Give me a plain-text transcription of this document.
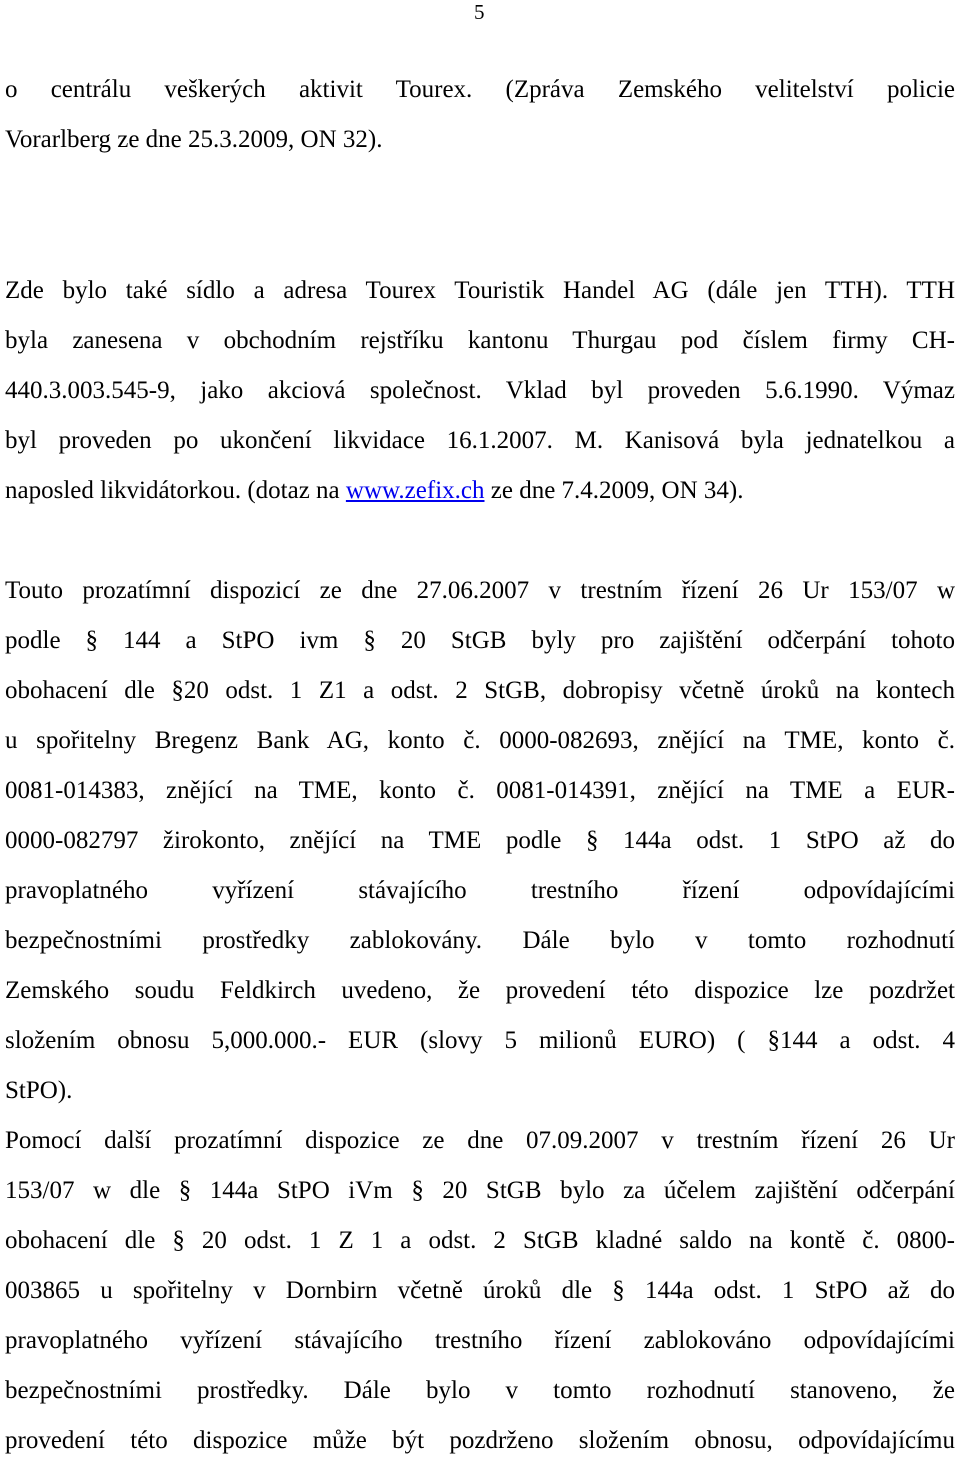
5

o centrálu veškerých aktivit Tourex. (Zpráva Zemského velitelství policie

Vorarlberg ze dne 25.3.2009, ON 32).

Zde bylo také sídlo a adresa Tourex Touristik Handel AG (dále jen TTH). TTH

byla zanesena v obchodním rejstříku kantonu Thurgau pod číslem firmy CH-

440.3.003.545-9, jako akciová společnost. Vklad byl proveden 5.6.1990. Výmaz

byl proveden po ukončení likvidace 16.1.2007. M. Kanisová byla jednatelkou a

naposled likvidátorkou. (dotaz na www.zefix.ch ze dne 7.4.2009, ON 34).

Touto prozatímní dispozicí ze dne 27.06.2007 v trestním řízení 26 Ur 153/07 w

podle § 144 a StPO ivm § 20 StGB byly pro zajištění odčerpání tohoto

obohacení dle §20 odst. 1 Z1 a odst. 2 StGB, dobropisy včetně úroků na kontech

u spořitelny Bregenz Bank AG, konto č. 0000-082693, znějící na TME, konto č.

0081-014383, znějící na TME, konto č. 0081-014391, znějící na TME a EUR-

0000-082797 žirokonto, znějící na TME podle § 144a odst. 1 StPO až do

pravoplatného vyřízení stávajícího trestního řízení odpovídajícími

bezpečnostními prostředky zablokovány. Dále bylo v tomto rozhodnutí

Zemského soudu Feldkirch uvedeno, že provedení této dispozice lze pozdržet

složením obnosu 5,000.000.- EUR (slovy 5 milionů EURO) ( §144 a odst. 4

StPO).

Pomocí další prozatímní dispozice ze dne 07.09.2007 v trestním řízení 26 Ur

153/07 w dle § 144a StPO iVm § 20 StGB bylo za účelem zajištění odčerpání

obohacení dle § 20 odst. 1 Z 1 a odst. 2 StGB kladné saldo na kontě č. 0800-

003865 u spořitelny v Dornbirn včetně úroků dle § 144a odst. 1 StPO až do

pravoplatného vyřízení stávajícího trestního řízení zablokováno odpovídajícími

bezpečnostními prostředky. Dále bylo v tomto rozhodnutí stanoveno, že

provedení této dispozice může být pozdrženo složením obnosu, odpovídajícímu
